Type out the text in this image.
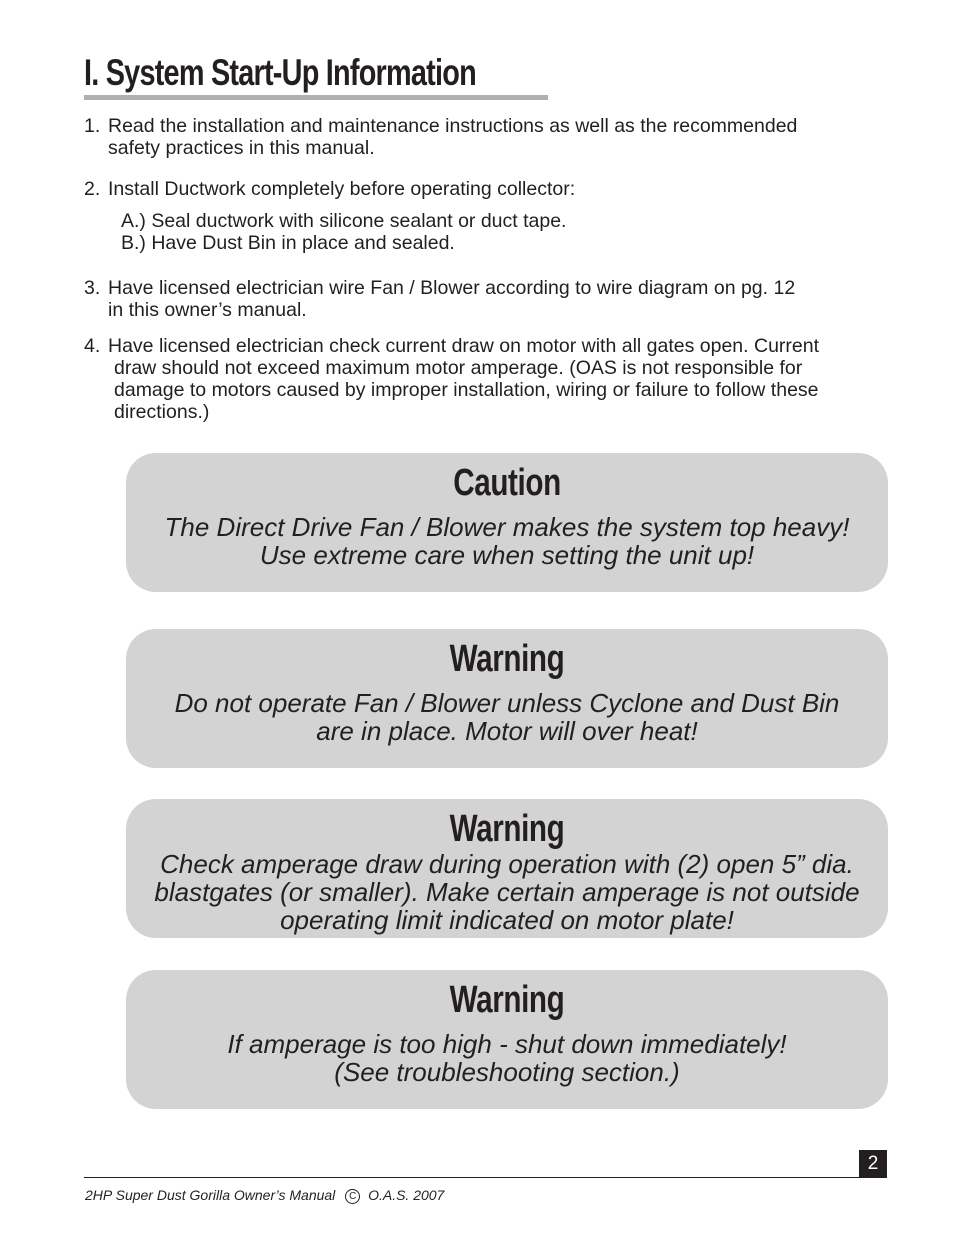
I. System Start-Up Information
1. Read the installation and maintenance instructions as well as the recommended
safety practices in this manual.
2. Install Ductwork completely before operating collector:
A.) Seal ductwork with silicone sealant or duct tape.
B.) Have Dust Bin in place and sealed.
3. Have licensed electrician wire Fan / Blower according to wire diagram on pg. 12
in this owner’s manual.
4. Have licensed electrician check current draw on motor with all gates open. Current
draw should not exceed maximum motor amperage. (OAS is not responsible for
damage to motors caused by improper installation, wiring or failure to follow these
directions.)
Caution
The Direct Drive Fan / Blower makes the system top heavy!
Use extreme care when setting the unit up!
Warning
Do not operate Fan / Blower unless Cyclone and Dust Bin
are in place. Motor will over heat!
Warning
Check amperage draw during operation with (2) open 5” dia.
blastgates (or smaller). Make certain amperage is not outside
operating limit indicated on motor plate!
Warning
If amperage is too high - shut down immediately!
(See troubleshooting section.)
2
2HP Super Dust Gorilla Owner’s Manual C O.A.S. 2007
